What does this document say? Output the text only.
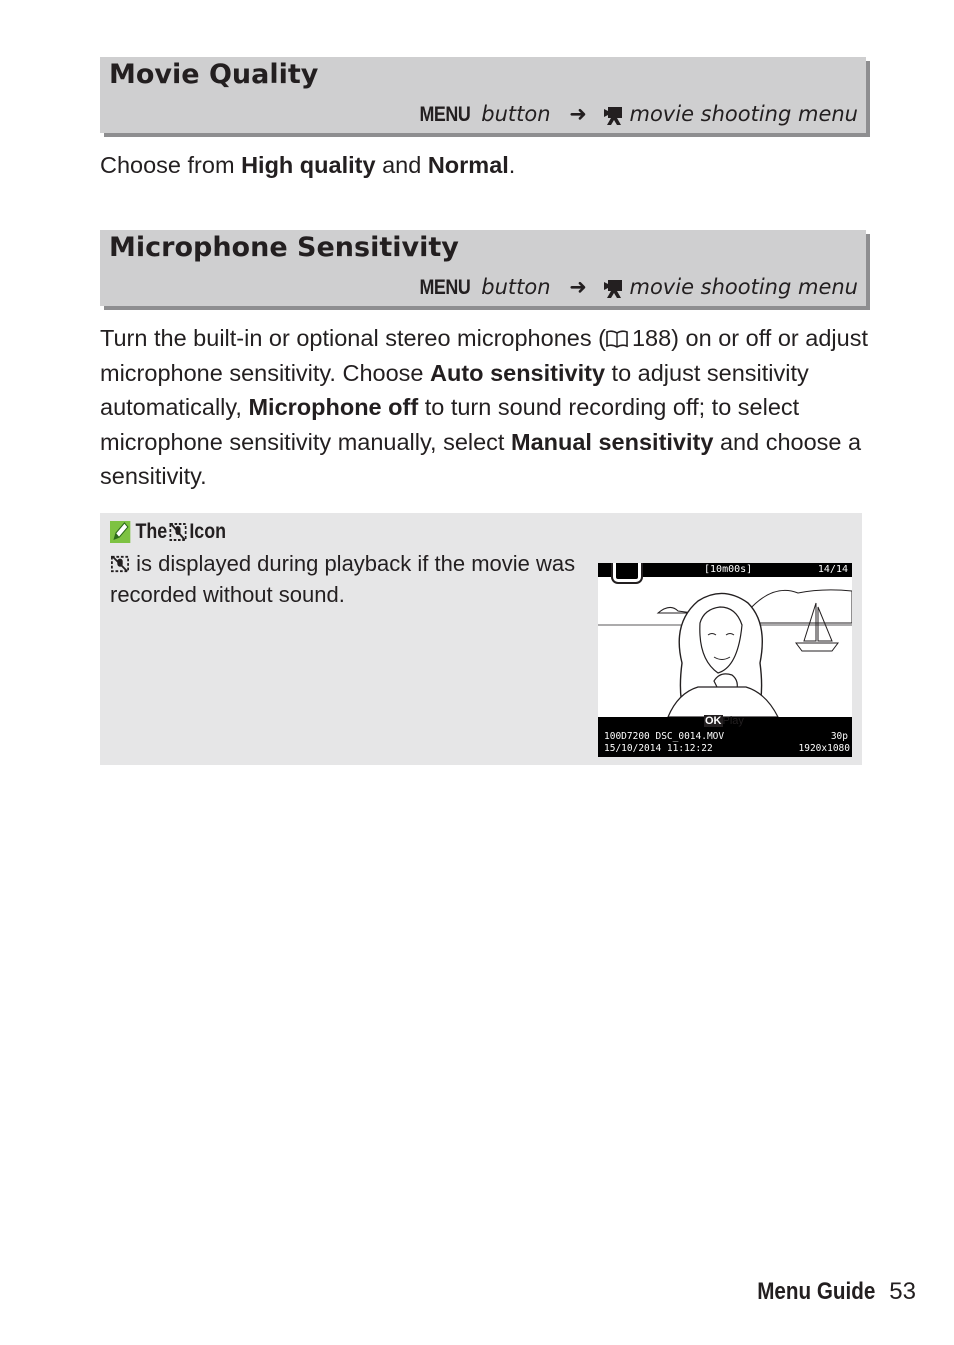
Movie Quality
MENU button ➜ movie shooting menu
Choose from High quality and Normal.
Microphone Sensitivity
MENU button ➜ movie shooting menu
Turn the built-in or optional stereo microphones ( 188) on or off or adjust microphone sensitivity. Choose Auto sensitivity to adjust sensitivity automatically, Microphone off to turn sound recording off; to select microphone sensitivity manually, select Manual sensitivity and choose a sensitivity.
The Icon
is displayed during playback if the movie was recorded without sound.
[10m00s]	14/14
OKPlay
100D7200 DSC_0014.MOV
15/10/2014 11:12:22
30p
1920x1080
Menu Guide 53
